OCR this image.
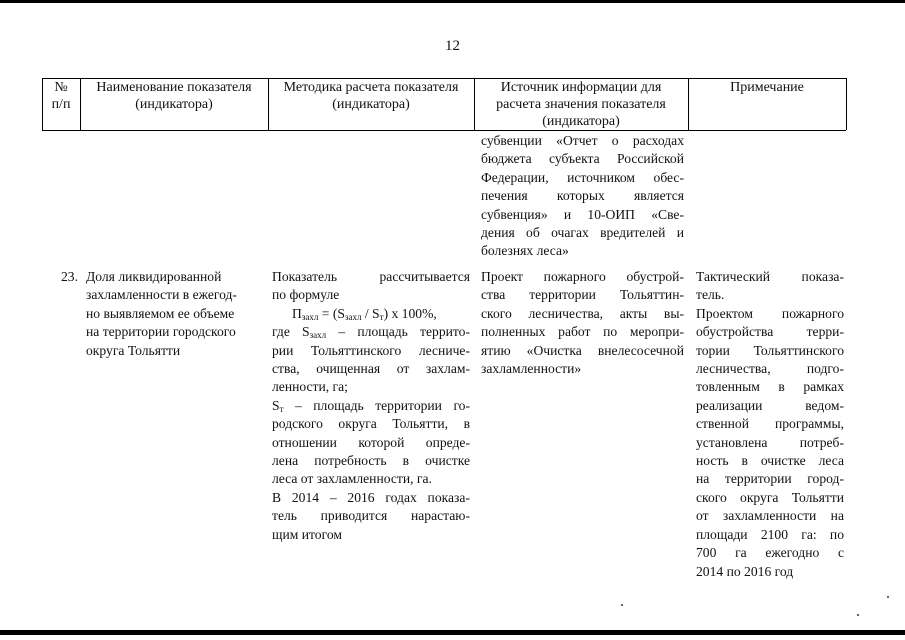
12
№
п/п
Наименование показателя
(индикатора)
Методика расчета показателя
(индикатора)
Источник информации для
расчета значения показателя
(индикатора)
Примечание
субвенции «Отчет о расходах
бюджета субъекта Российской
Федерации, источником обес-
печения которых является
субвенция» и 10-ОИП «Све-
дения об очагах вредителей и
болезнях леса»
23. Доля ликвидированной
захламленности в ежегод-
но выявляемом ее объеме
на территории городского
округа Тольятти
Показатель рассчитывается
по формуле
$П_{захл} = (S_{захл} / S_т)$ x 100%,
где $S_{захл}$ – площадь террито-
рии Тольяттинского лесниче-
ства, очищенная от захлам-
ленности, га;
$S_т$ – площадь территории го-
родского округа Тольятти, в
отношении которой опреде-
лена потребность в очистке
леса от захламленности, га.
В 2014 – 2016 годах показа-
тель приводится нарастаю-
щим итогом
Проект пожарного обустрой-
ства территории Тольяттин-
ского лесничества, акты вы-
полненных работ по меропри-
ятию «Очистка внелесосечной
захламленности»
Тактический показа-
тель.
Проектом пожарного
обустройства терри-
тории Тольяттинского
лесничества, подго-
товленным в рамках
реализации ведом-
ственной программы,
установлена потреб-
ность в очистке леса
на территории город-
ского округа Тольятти
от захламленности на
площади 2100 га: по
700 га ежегодно с
2014 по 2016 год
